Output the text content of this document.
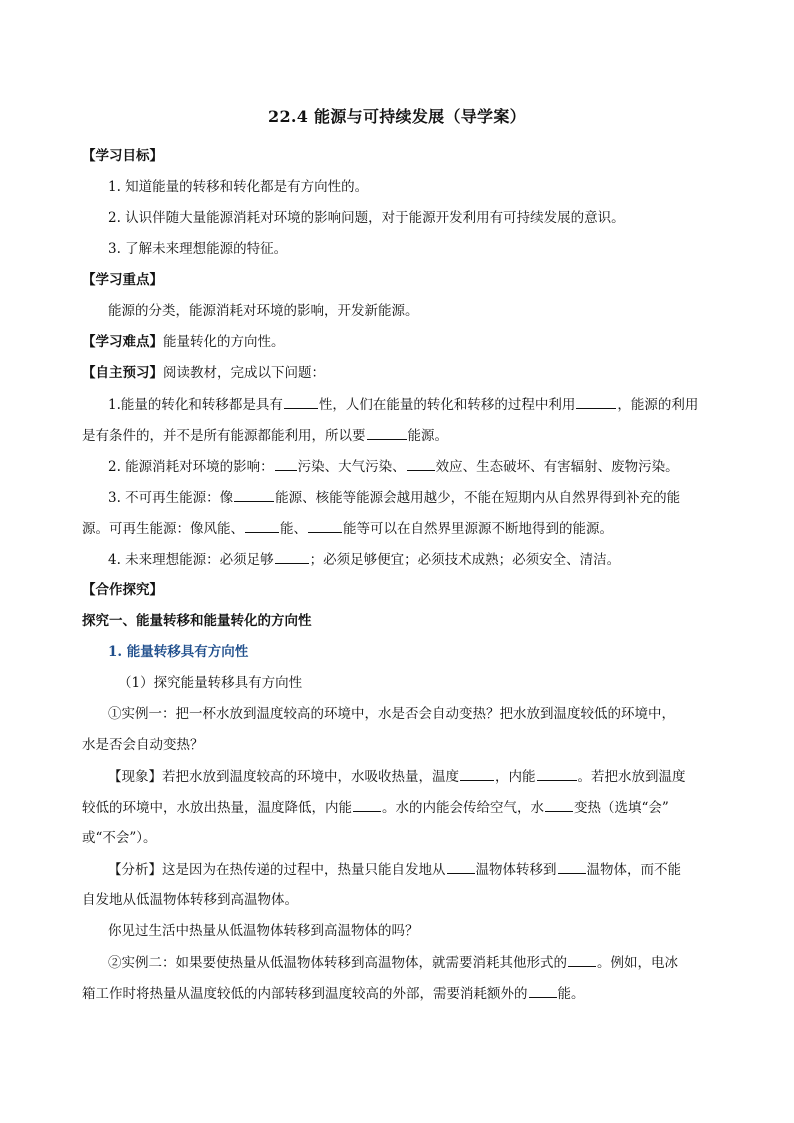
22.4 能源与可持续发展（导学案）
【学习目标】
1. 知道能量的转移和转化都是有方向性的。
2. 认识伴随大量能源消耗对环境的影响问题，对于能源开发利用有可持续发展的意识。
3. 了解未来理想能源的特征。
【学习重点】
能源的分类，能源消耗对环境的影响，开发新能源。
【学习难点】能量转化的方向性。
【自主预习】阅读教材，完成以下问题：
1.能量的转化和转移都是具有	性，人们在能量的转化和转移的过程中利用	，能源的利用
是有条件的，并不是所有能源都能利用，所以要	能源。
2. 能源消耗对环境的影响： 污染、大气污染、 效应、生态破坏、有害辐射、废物污染。
3. 不可再生能源：像	能源、核能等能源会越用越少，不能在短期内从自然界得到补充的能
源。可再生能源：像风能、	能、	能等可以在自然界里源源不断地得到的能源。
4. 未来理想能源：必须足够	；必须足够便宜；必须技术成熟；必须安全、清洁。
【合作探究】
探究一、能量转移和能量转化的方向性
1. 能量转移具有方向性
（1）探究能量转移具有方向性
①实例一：把一杯水放到温度较高的环境中，水是否会自动变热？把水放到温度较低的环境中，
水是否会自动变热？
【现象】若把水放到温度较高的环境中，水吸收热量，温度	，内能	。若把水放到温度
较低的环境中，水放出热量，温度降低，内能 。水的内能会传给空气，水 变热（选填“会”
或“不会”）。
【分析】这是因为在热传递的过程中，热量只能自发地从 温物体转移到 温物体，而不能
自发地从低温物体转移到高温物体。
你见过生活中热量从低温物体转移到高温物体的吗？
②实例二：如果要使热量从低温物体转移到高温物体，就需要消耗其他形式的 。例如，电冰
箱工作时将热量从温度较低的内部转移到温度较高的外部，需要消耗额外的 能。
